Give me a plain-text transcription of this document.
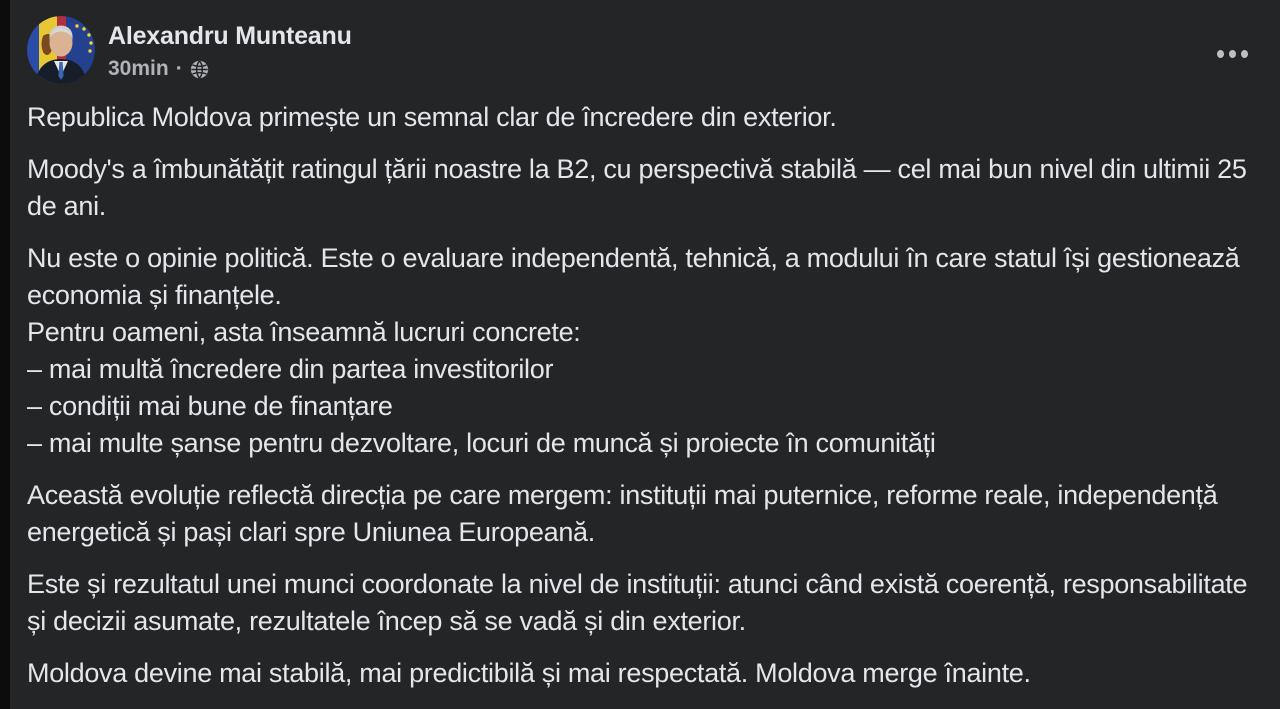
Alexandru Munteanu
30min ·
Republica Moldova primește un semnal clar de încredere din exterior.
Moody's a îmbunătățit ratingul țării noastre la B2, cu perspectivă stabilă — cel mai bun nivel din ultimii 25 de ani.
Nu este o opinie politică. Este o evaluare independentă, tehnică, a modului în care statul își gestionează economia și finanțele.
Pentru oameni, asta înseamnă lucruri concrete:
– mai multă încredere din partea investitorilor
– condiții mai bune de finanțare
– mai multe șanse pentru dezvoltare, locuri de muncă și proiecte în comunități
Această evoluție reflectă direcția pe care mergem: instituții mai puternice, reforme reale, independență energetică și pași clari spre Uniunea Europeană.
Este și rezultatul unei munci coordonate la nivel de instituții: atunci când există coerență, responsabilitate și decizii asumate, rezultatele încep să se vadă și din exterior.
Moldova devine mai stabilă, mai predictibilă și mai respectată. Moldova merge înainte.
